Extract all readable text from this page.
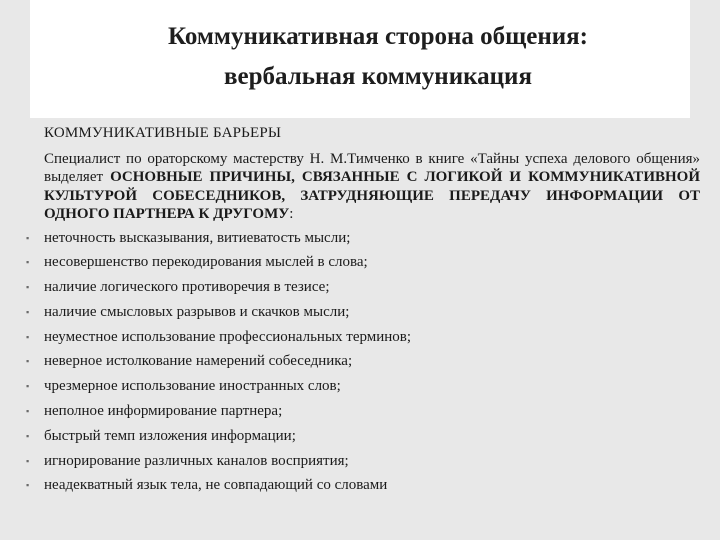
Коммуникативная сторона общения:
вербальная коммуникация
КОММУНИКАТИВНЫЕ БАРЬЕРЫ
Специалист по ораторскому мастерству Н. М.Тимченко в книге «Тайны успеха делового общения» выделяет ОСНОВНЫЕ ПРИЧИНЫ, СВЯЗАННЫЕ С ЛОГИКОЙ И КОММУНИКАТИВНОЙ КУЛЬТУРОЙ СОБЕСЕДНИКОВ, ЗАТРУДНЯЮЩИЕ ПЕРЕДАЧУ ИНФОРМАЦИИ ОТ ОДНОГО ПАРТНЕРА К ДРУГОМУ:
▪ неточность высказывания, витиеватость мысли;
▪ несовершенство перекодирования мыслей в слова;
▪ наличие логического противоречия в тезисе;
▪ наличие смысловых разрывов и скачков мысли;
▪ неуместное использование профессиональных терминов;
▪ неверное истолкование намерений собеседника;
▪ чрезмерное использование иностранных слов;
▪ неполное информирование партнера;
▪ быстрый темп изложения информации;
▪ игнорирование различных каналов восприятия;
▪ неадекватный язык тела, не совпадающий со словами
